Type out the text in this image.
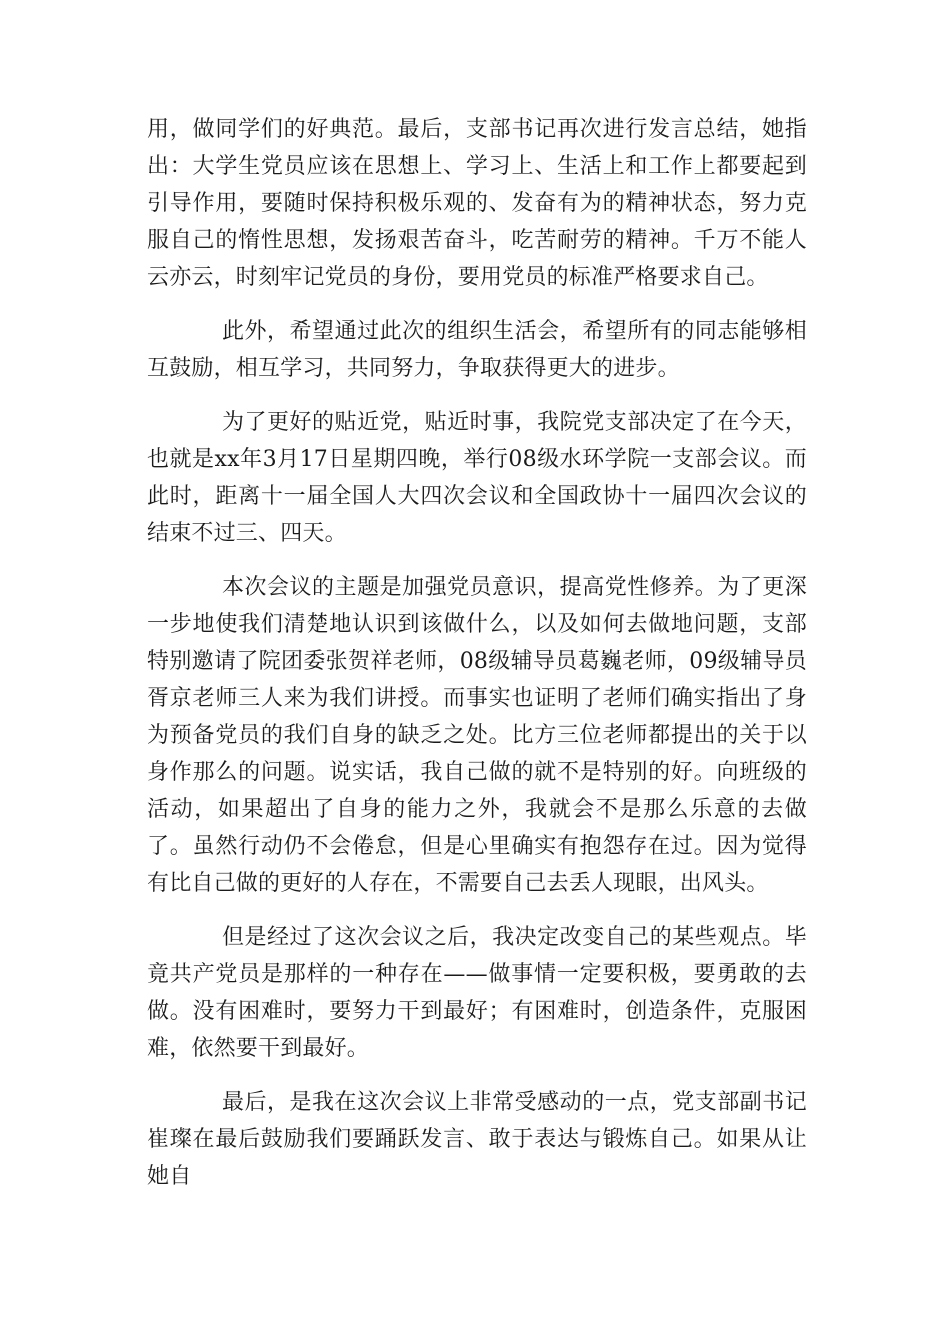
用，做同学们的好典范。最后，支部书记再次进行发言总结，她指出：大学生党员应该在思想上、学习上、生活上和工作上都要起到引导作用，要随时保持积极乐观的、发奋有为的精神状态，努力克服自己的惰性思想，发扬艰苦奋斗，吃苦耐劳的精神。千万不能人云亦云，时刻牢记党员的身份，要用党员的标准严格要求自己。

此外，希望通过此次的组织生活会，希望所有的同志能够相互鼓励，相互学习，共同努力，争取获得更大的进步。

为了更好的贴近党，贴近时事，我院党支部决定了在今天，也就是xx年3月17日星期四晚，举行08级水环学院一支部会议。而此时，距离十一届全国人大四次会议和全国政协十一届四次会议的结束不过三、四天。

本次会议的主题是加强党员意识，提高党性修养。为了更深一步地使我们清楚地认识到该做什么，以及如何去做地问题，支部特别邀请了院团委张贺祥老师，08级辅导员葛巍老师，09级辅导员胥京老师三人来为我们讲授。而事实也证明了老师们确实指出了身为预备党员的我们自身的缺乏之处。比方三位老师都提出的关于以身作那么的问题。说实话，我自己做的就不是特别的好。向班级的活动，如果超出了自身的能力之外，我就会不是那么乐意的去做了。虽然行动仍不会倦怠，但是心里确实有抱怨存在过。因为觉得有比自己做的更好的人存在，不需要自己去丢人现眼，出风头。

但是经过了这次会议之后，我决定改变自己的某些观点。毕竟共产党员是那样的一种存在——做事情一定要积极，要勇敢的去做。没有困难时，要努力干到最好；有困难时，创造条件，克服困难，依然要干到最好。

最后，是我在这次会议上非常受感动的一点，党支部副书记崔璨在最后鼓励我们要踊跃发言、敢于表达与锻炼自己。如果从让她自
